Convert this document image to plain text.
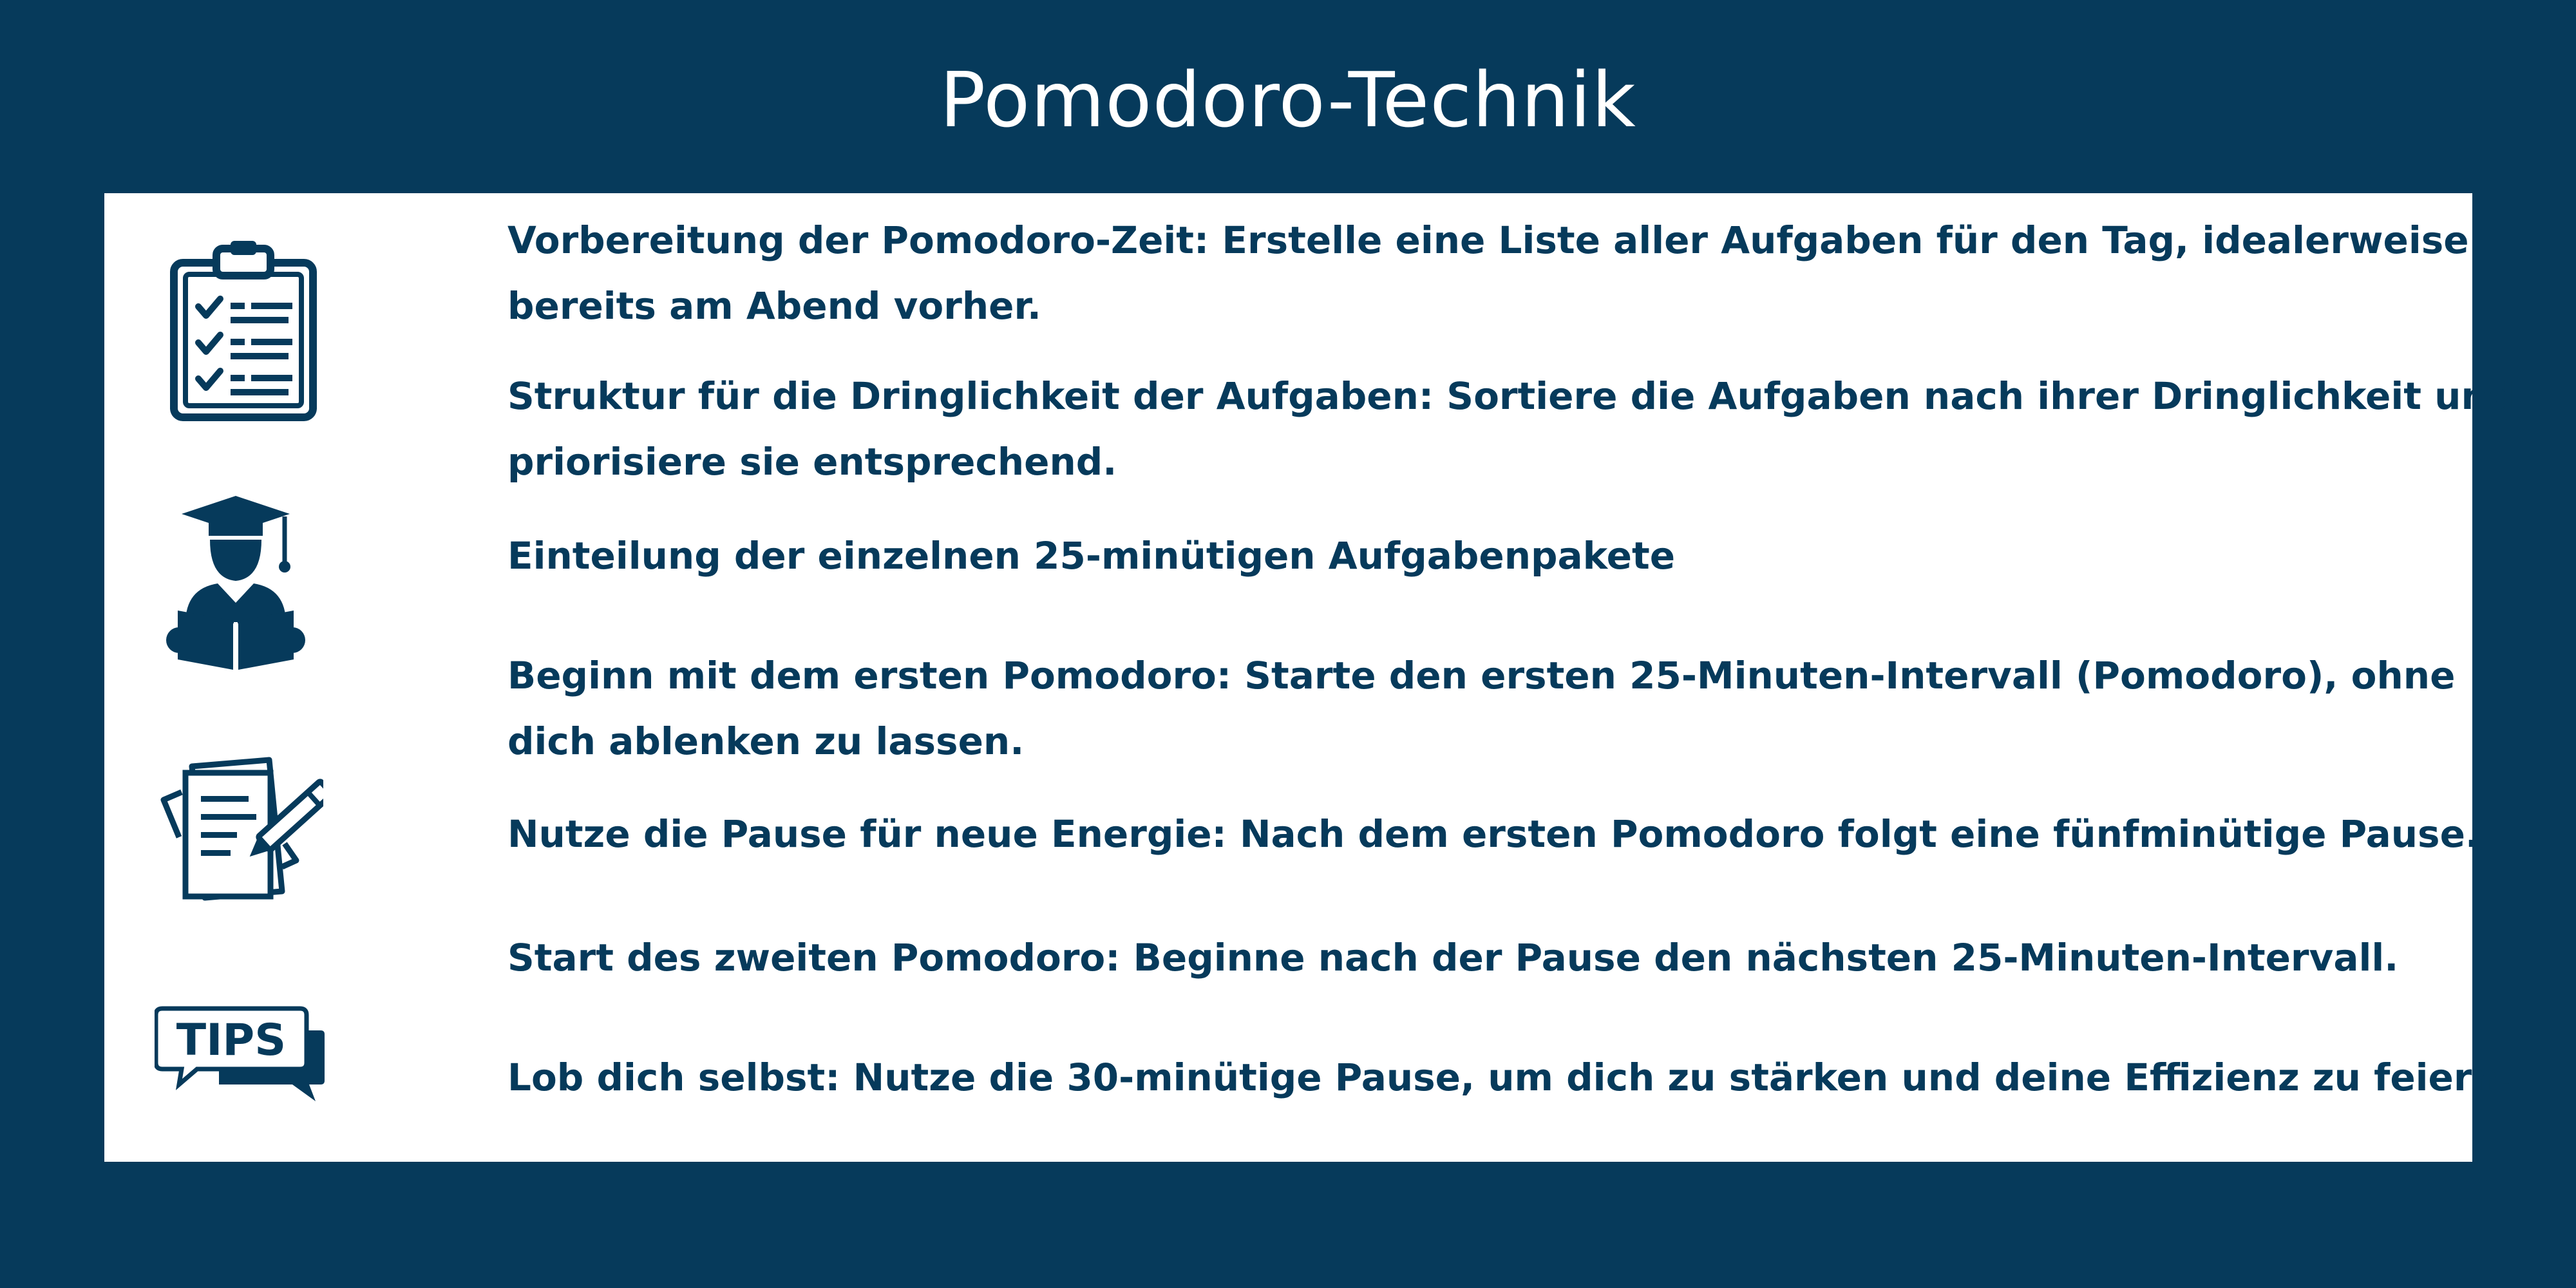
Pomodoro-Technik
TIPS
Vorbereitung der Pomodoro-Zeit: Erstelle eine Liste aller Aufgaben für den Tag, idealerweise bereits am Abend vorher.
Struktur für die Dringlichkeit der Aufgaben: Sortiere die Aufgaben nach ihrer Dringlichkeit und priorisiere sie entsprechend.
Einteilung der einzelnen 25-minütigen Aufgabenpakete
Beginn mit dem ersten Pomodoro: Starte den ersten 25-Minuten-Intervall (Pomodoro), ohne dich ablenken zu lassen.
Nutze die Pause für neue Energie: Nach dem ersten Pomodoro folgt eine fünfminütige Pause.
Start des zweiten Pomodoro: Beginne nach der Pause den nächsten 25-Minuten-Intervall.
Lob dich selbst: Nutze die 30-minütige Pause, um dich zu stärken und deine Effizienz zu feiern.
